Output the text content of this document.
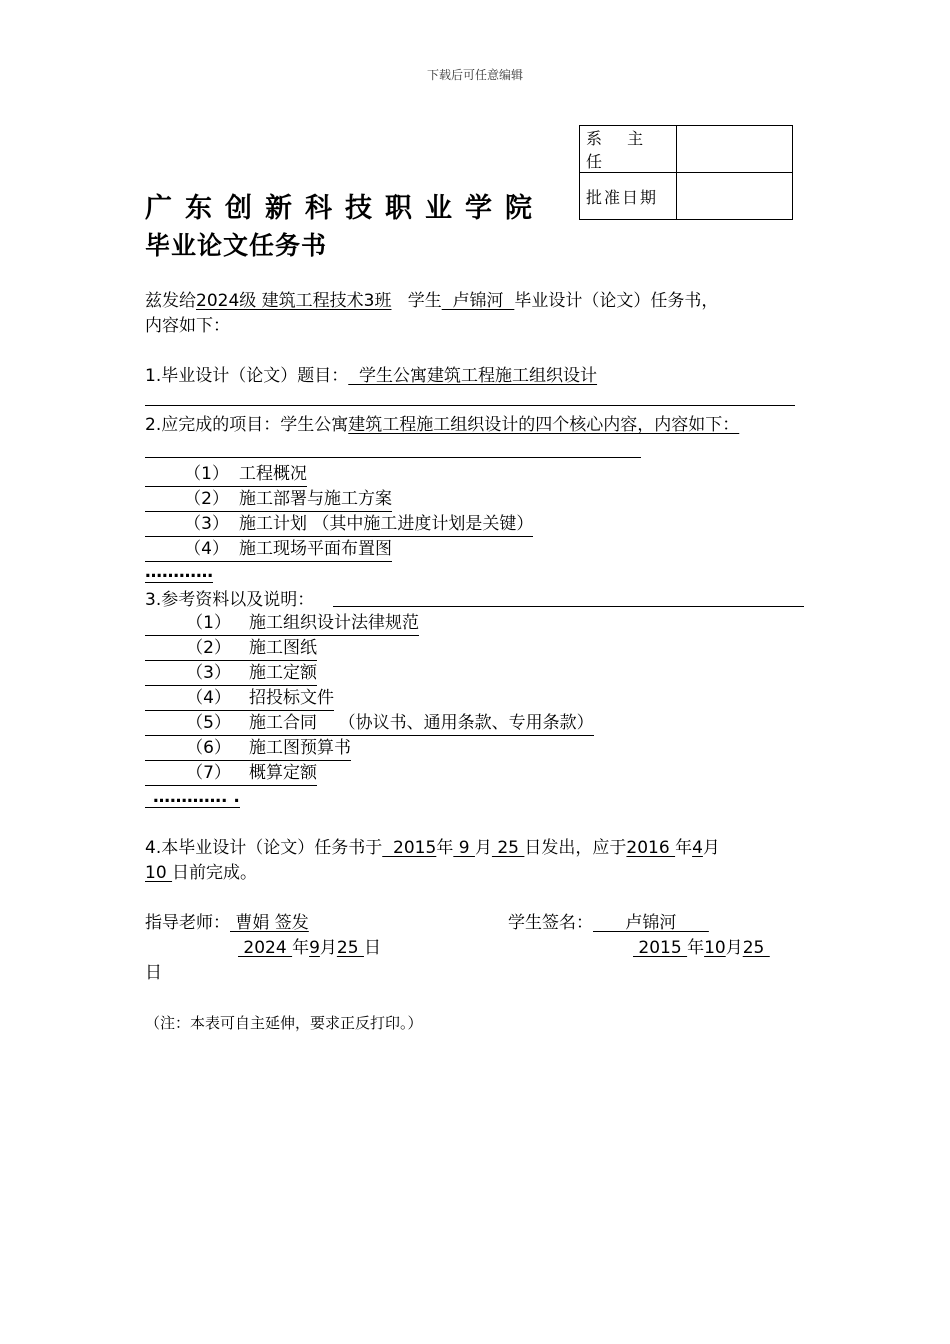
下载后可任意编辑
系 主 任	
批准日期	
广东创新科技职业学院
毕业论文任务书
兹发给2024级 建筑工程技术3班 学生  卢锦河  毕业设计（论文）任务书，
内容如下：
1.毕业设计（论文）题目：  学生公寓建筑工程施工组织设计
2.应完成的项目：学生公寓建筑工程施工组织设计的四个核心内容，内容如下：
（1） 工程概况
（2） 施工部署与施工方案
（3） 施工计划 （其中施工进度计划是关键）
（4） 施工现场平面布置图
…………
3.参考资料以及说明：
（1） 施工组织设计法律规范
（2） 施工图纸
（3） 施工定额
（4） 招投标文件
（5） 施工合同    （协议书、通用条款、专用条款）
（6） 施工图预算书
（7） 概算定额
…………. .
4.本毕业设计（论文）任务书于  2015年 9 月 25 日发出，应于2016 年4月
10 日前完成。
指导老师： 曹娟 签发	学生签名：      卢锦河
2024 年9月25 日	2015 年10月25
日
（注：本表可自主延伸，要求正反打印。）
